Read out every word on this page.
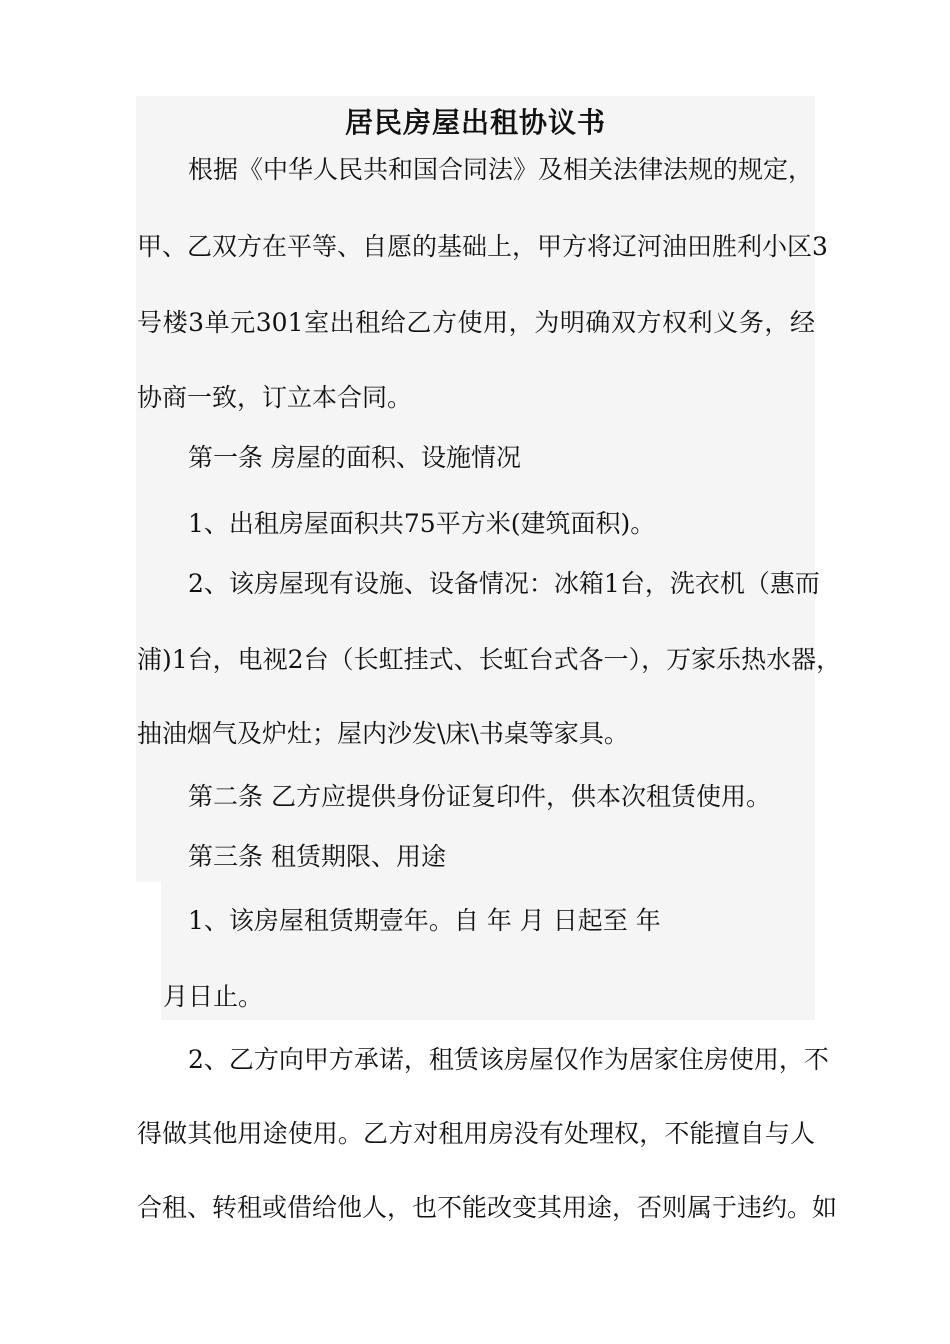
居民房屋出租协议书
根据《中华人民共和国合同法》及相关法律法规的规定，
甲、乙双方在平等、自愿的基础上，甲方将辽河油田胜利小区3
号楼3单元301室出租给乙方使用，为明确双方权利义务，经
协商一致，订立本合同。
第一条 房屋的面积、设施情况
1、出租房屋面积共75平方米(建筑面积)。
2、该房屋现有设施、设备情况：冰箱1台，洗衣机（惠而
浦)1台，电视2台（长虹挂式、长虹台式各一），万家乐热水器，
抽油烟气及炉灶；屋内沙发\床\书桌等家具。
第二条 乙方应提供身份证复印件，供本次租赁使用。
第三条 租赁期限、用途
1、该房屋租赁期壹年。自 年 月 日起至 年
月日止。
2、乙方向甲方承诺，租赁该房屋仅作为居家住房使用，不
得做其他用途使用。乙方对租用房没有处理权，不能擅自与人
合租、转租或借给他人，也不能改变其用途，否则属于违约。如
